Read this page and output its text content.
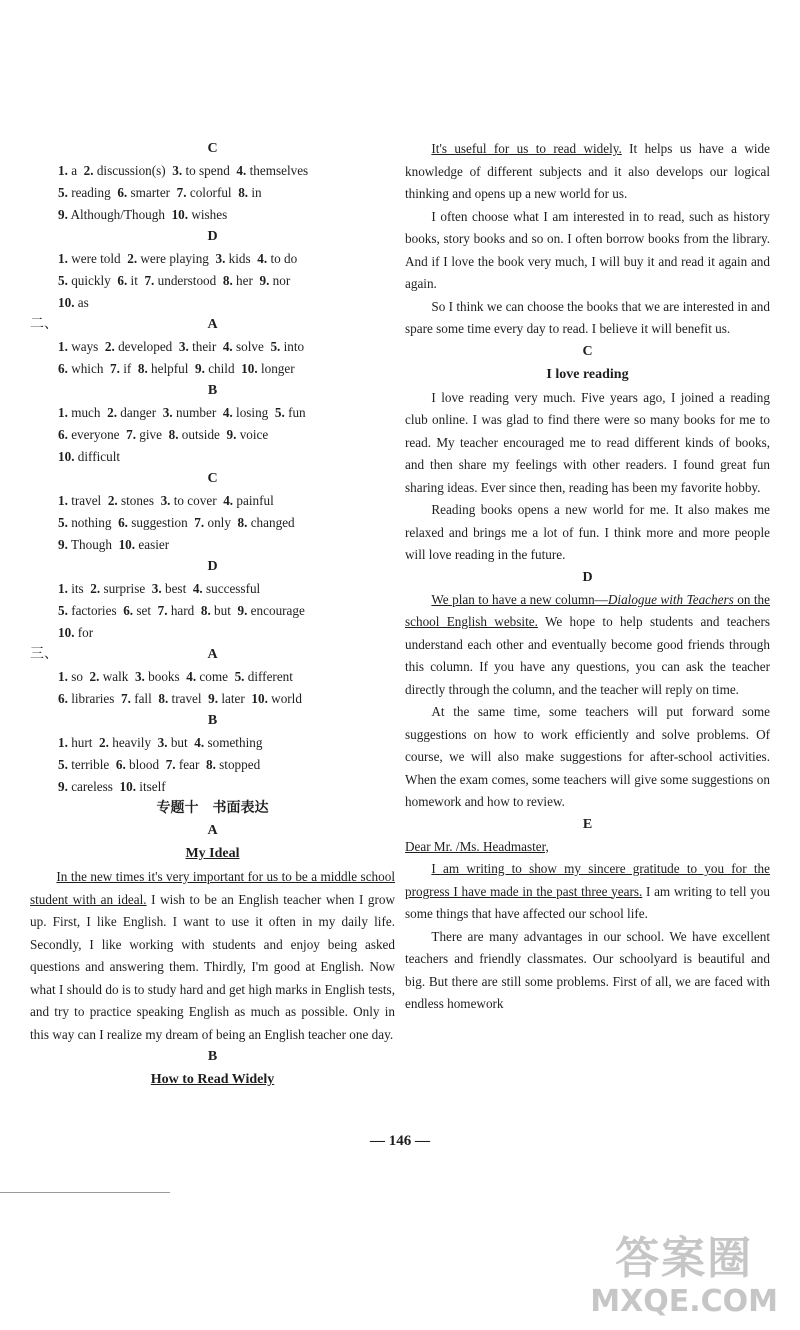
C
1. a  2. discussion(s)  3. to spend  4. themselves
5. reading  6. smarter  7. colorful  8. in
9. Although/Though  10. wishes
D
1. were told  2. were playing  3. kids  4. to do
5. quickly  6. it  7. understood  8. her  9. nor
10. as
二、	A
1. ways  2. developed  3. their  4. solve  5. into
6. which  7. if  8. helpful  9. child  10. longer
B
1. much  2. danger  3. number  4. losing  5. fun
6. everyone  7. give  8. outside  9. voice
10. difficult
C
1. travel  2. stones  3. to cover  4. painful
5. nothing  6. suggestion  7. only  8. changed
9. Though  10. easier
D
1. its  2. surprise  3. best  4. successful
5. factories  6. set  7. hard  8. but  9. encourage
10. for
三、	A
1. so  2. walk  3. books  4. come  5. different
6. libraries  7. fall  8. travel  9. later  10. world
B
1. hurt  2. heavily  3. but  4. something
5. terrible  6. blood  7. fear  8. stopped
9. careless  10. itself
专题十　书面表达
A
My Ideal

In the new times it's very important for us to be a middle school student with an ideal. I wish to be an English teacher when I grow up. First, I like English. I want to use it often in my daily life. Secondly, I like working with students and enjoy being asked questions and answering them. Thirdly, I'm good at English. Now what I should do is to study hard and get high marks in English tests, and try to practice speaking English as much as possible. Only in this way can I realize my dream of being an English teacher one day.

B
How to Read Widely

It's useful for us to read widely. It helps us have a wide knowledge of different subjects and it also develops our logical thinking and opens up a new world for us.

I often choose what I am interested in to read, such as history books, story books and so on. I often borrow books from the library. And if I love the book very much, I will buy it and read it again and again.

So I think we can choose the books that we are interested in and spare some time every day to read. I believe it will benefit us.

C
I love reading

I love reading very much. Five years ago, I joined a reading club online. I was glad to find there were so many books for me to read. My teacher encouraged me to read different kinds of books, and then share my feelings with other readers. I found great fun sharing ideas. Ever since then, reading has been my favorite hobby.

Reading books opens a new world for me. It also makes me relaxed and brings me a lot of fun. I think more and more people will love reading in the future.

D

We plan to have a new column—Dialogue with Teachers on the school English website. We hope to help students and teachers understand each other and eventually become good friends through this column. If you have any questions, you can ask the teacher directly through the column, and the teacher will reply on time.

At the same time, some teachers will put forward some suggestions on how to work efficiently and solve problems. Of course, we will also make suggestions for after-school activities. When the exam comes, some teachers will give some suggestions on homework and how to review.

E

Dear Mr. /Ms. Headmaster,

I am writing to show my sincere gratitude to you for the progress I have made in the past three years. I am writing to tell you some things that have affected our school life.

There are many advantages in our school. We have excellent teachers and friendly classmates. Our schoolyard is beautiful and big. But there are still some problems. First of all, we are faced with endless homework

— 146 —
答案圈
MXQE.COM
